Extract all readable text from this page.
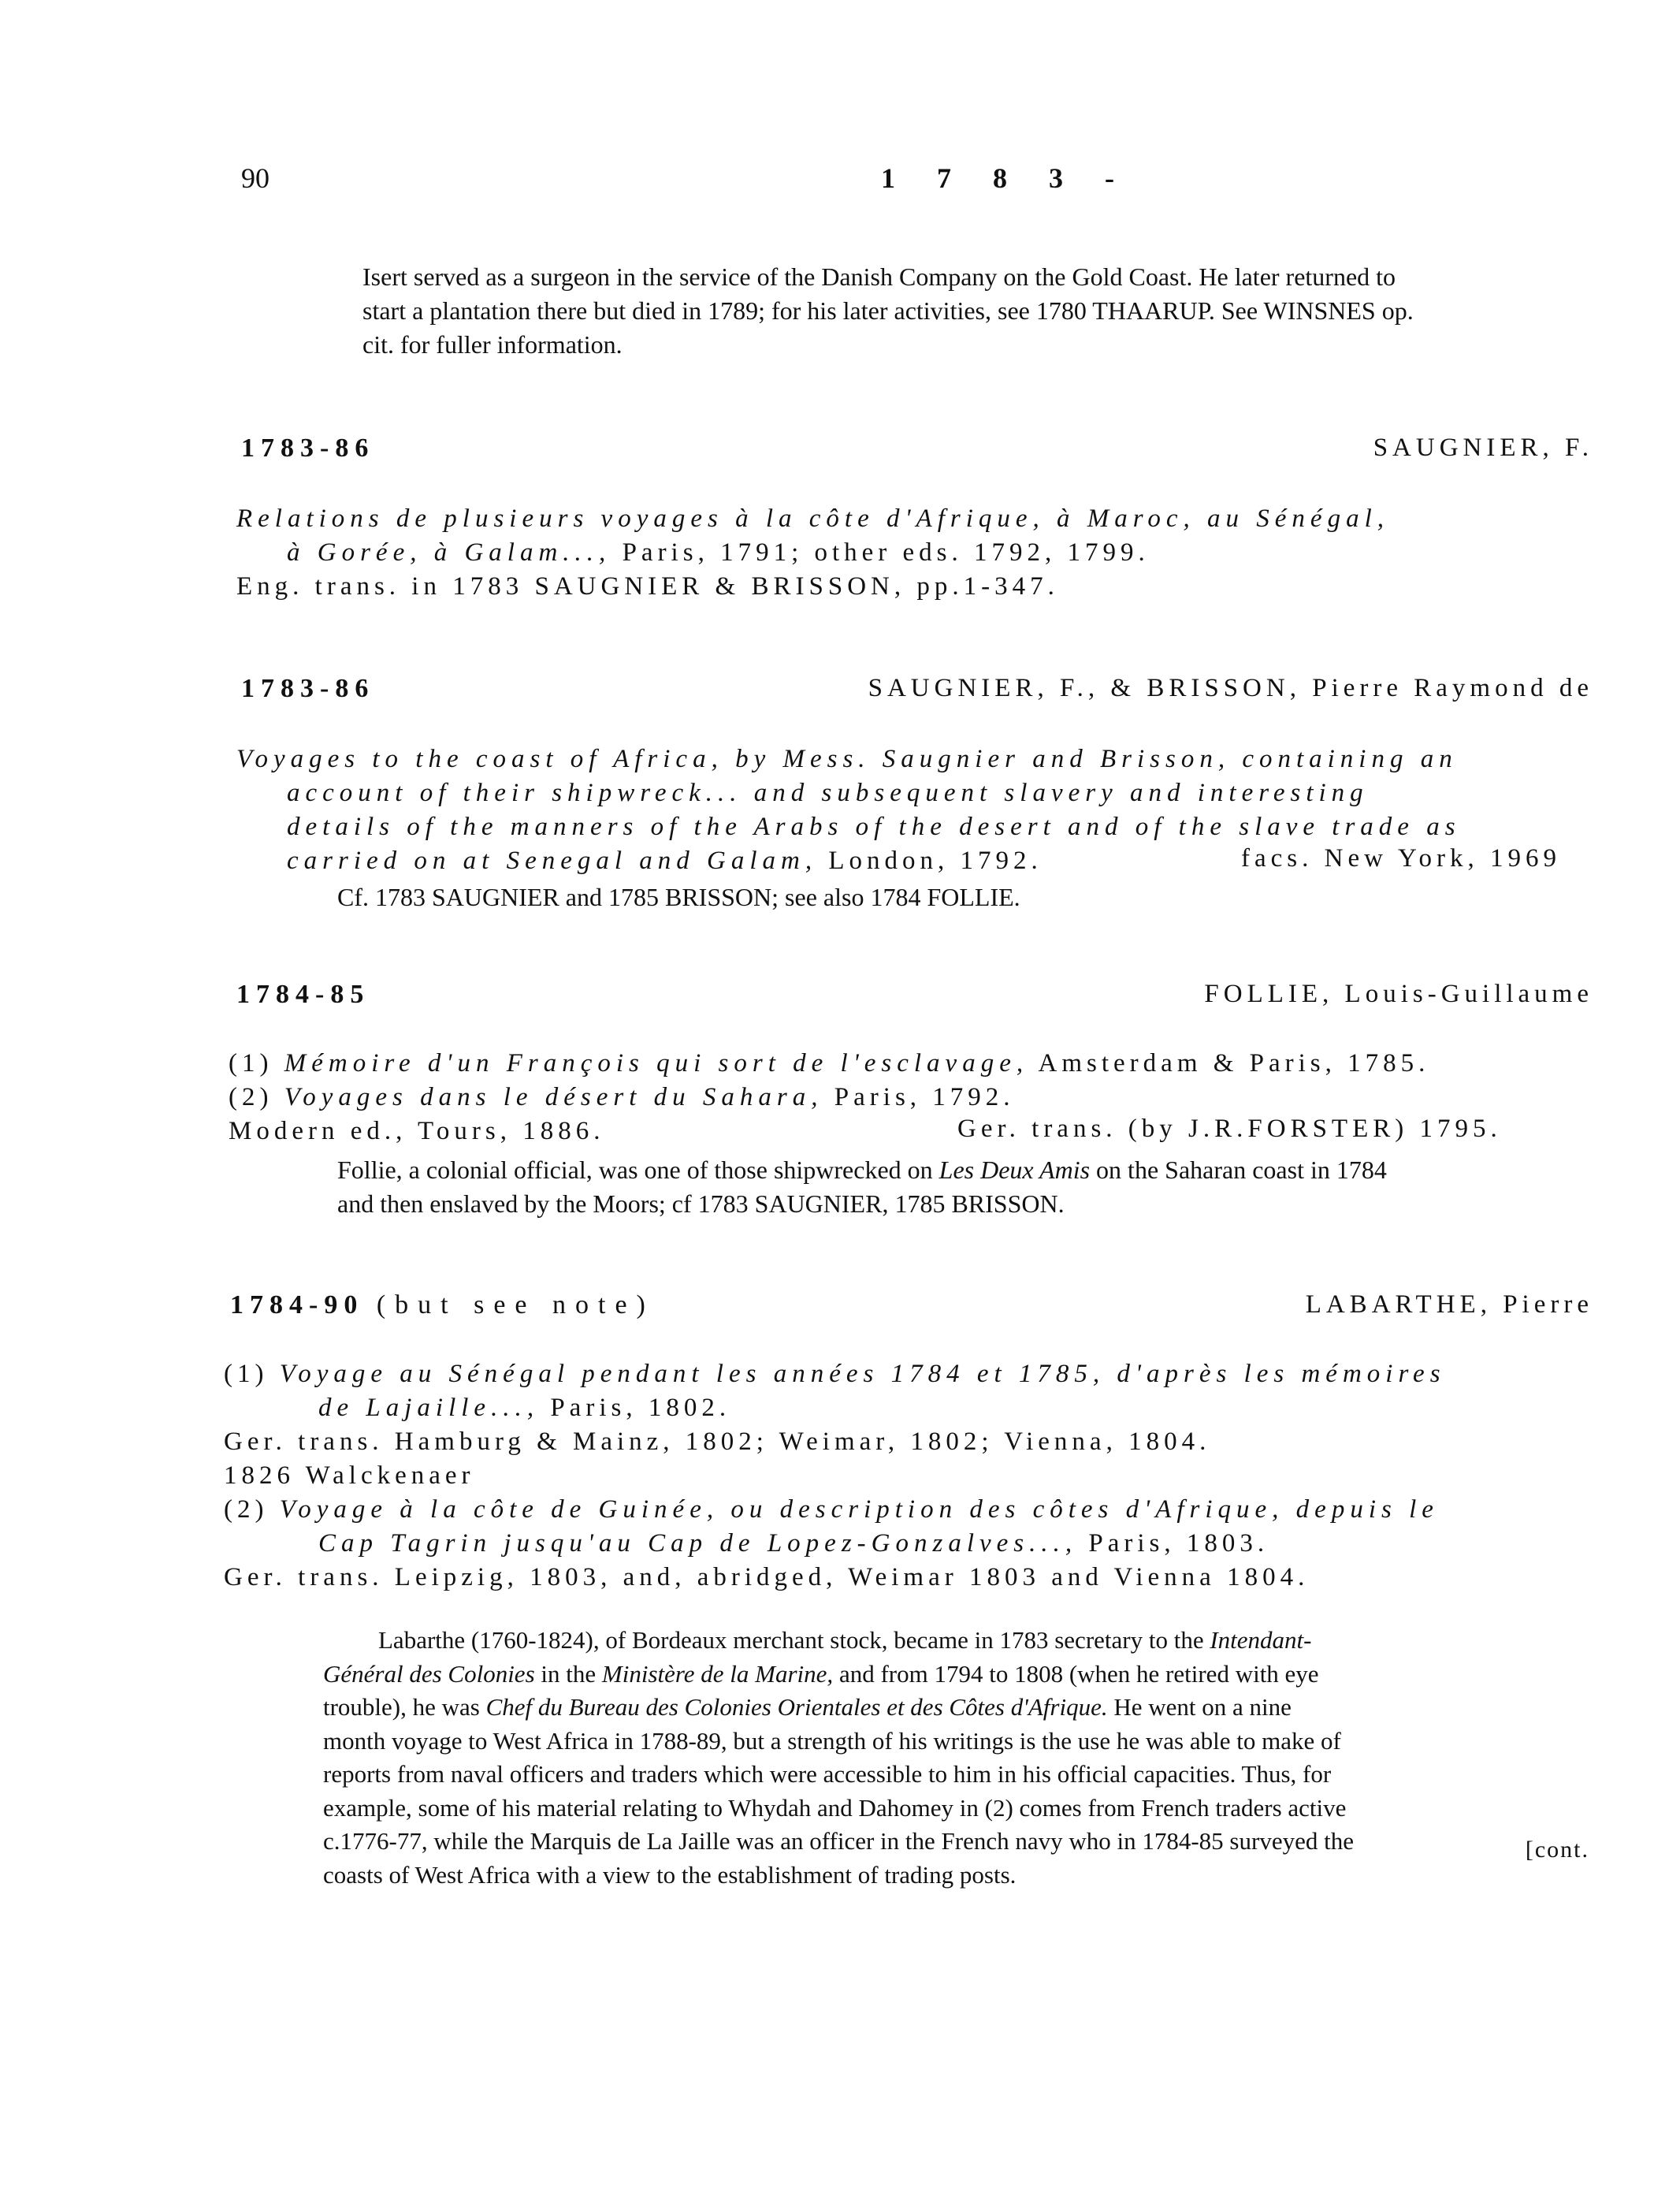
90	1 7 8 3 -
Isert served as a surgeon in the service of the Danish Company on the Gold Coast. He later returned to
start a plantation there but died in 1789; for his later activities, see 1780 THAARUP. See WINSNES op.
cit. for fuller information.
1783-86	SAUGNIER, F.
Relations de plusieurs voyages à la côte d'Afrique, à Maroc, au Sénégal,
à Gorée, à Galam..., Paris, 1791; other eds. 1792, 1799.
Eng. trans. in 1783 SAUGNIER & BRISSON, pp.1-347.
1783-86	SAUGNIER, F., & BRISSON, Pierre Raymond de
Voyages to the coast of Africa, by Mess. Saugnier and Brisson, containing an
account of their shipwreck... and subsequent slavery and interesting
details of the manners of the Arabs of the desert and of the slave trade as
carried on at Senegal and Galam, London, 1792.	facs. New York, 1969
Cf. 1783 SAUGNIER and 1785 BRISSON; see also 1784 FOLLIE.
1784-85	FOLLIE, Louis-Guillaume
(1) Mémoire d'un François qui sort de l'esclavage, Amsterdam & Paris, 1785.
(2) Voyages dans le désert du Sahara, Paris, 1792.
Modern ed., Tours, 1886.	Ger. trans. (by J.R.FORSTER) 1795.
Follie, a colonial official, was one of those shipwrecked on Les Deux Amis on the Saharan coast in 1784
and then enslaved by the Moors; cf 1783 SAUGNIER, 1785 BRISSON.
1784-90 (but see note)	LABARTHE, Pierre
(1) Voyage au Sénégal pendant les années 1784 et 1785, d'après les mémoires
de Lajaille..., Paris, 1802.
Ger. trans. Hamburg & Mainz, 1802; Weimar, 1802; Vienna, 1804.
1826 Walckenaer
(2) Voyage à la côte de Guinée, ou description des côtes d'Afrique, depuis le
Cap Tagrin jusqu'au Cap de Lopez-Gonzalves..., Paris, 1803.
Ger. trans. Leipzig, 1803, and, abridged, Weimar 1803 and Vienna 1804.
Labarthe (1760-1824), of Bordeaux merchant stock, became in 1783 secretary to the Intendant-
Général des Colonies in the Ministère de la Marine, and from 1794 to 1808 (when he retired with eye
trouble), he was Chef du Bureau des Colonies Orientales et des Côtes d'Afrique. He went on a nine
month voyage to West Africa in 1788-89, but a strength of his writings is the use he was able to make of
reports from naval officers and traders which were accessible to him in his official capacities. Thus, for
example, some of his material relating to Whydah and Dahomey in (2) comes from French traders active
c.1776-77, while the Marquis de La Jaille was an officer in the French navy who in 1784-85 surveyed the
coasts of West Africa with a view to the establishment of trading posts.
[cont.
